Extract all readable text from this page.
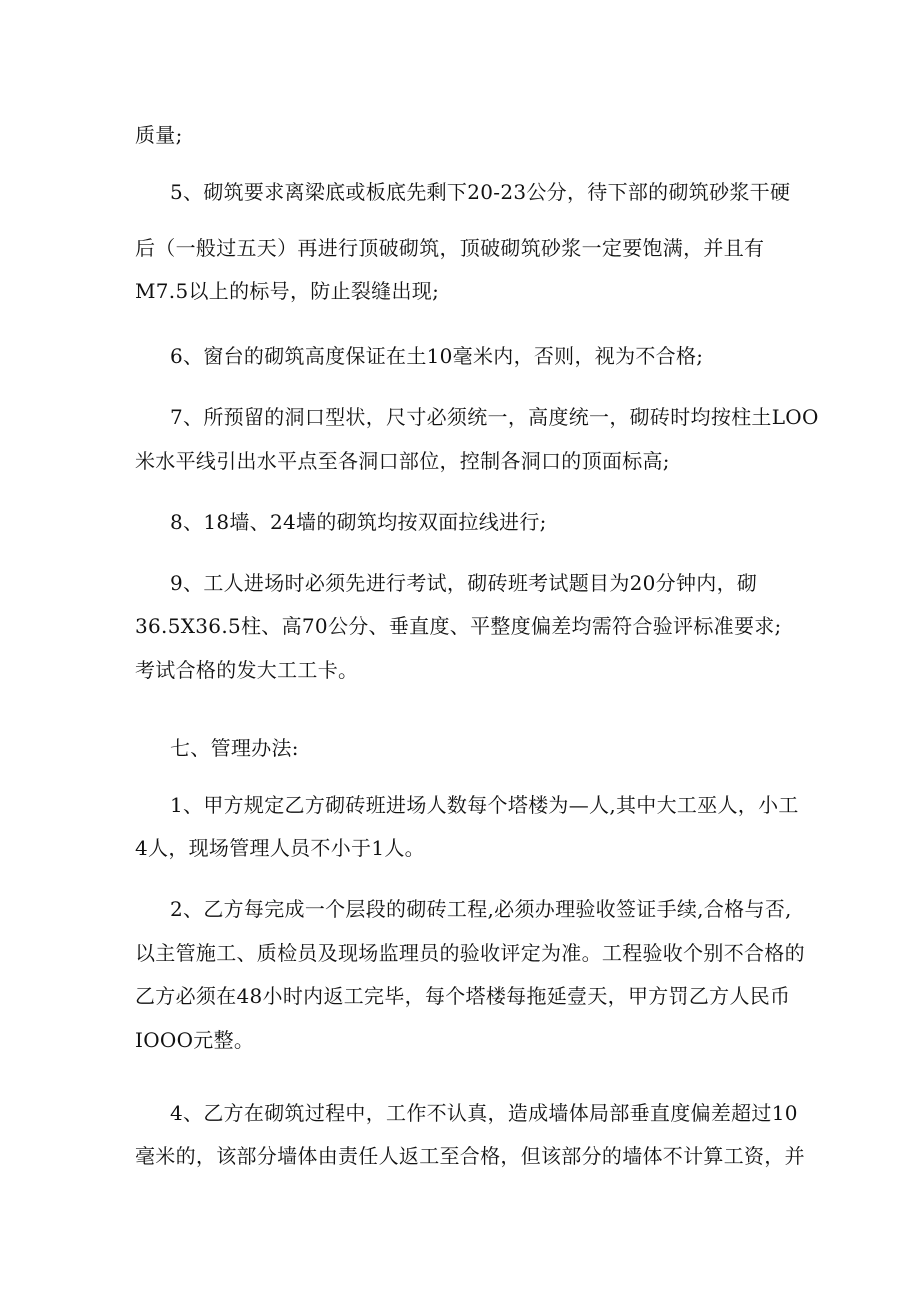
质量;
5、砌筑要求离梁底或板底先剩下20-23公分，待下部的砌筑砂浆干硬
后（一般过五天）再进行顶破砌筑，顶破砌筑砂浆一定要饱满，并且有
M7.5以上的标号，防止裂缝出现;
6、窗台的砌筑高度保证在土10毫米内，否则，视为不合格;
7、所预留的洞口型状，尺寸必须统一，高度统一，砌砖时均按柱土LOO
米水平线引出水平点至各洞口部位，控制各洞口的顶面标高;
8、18墙、24墙的砌筑均按双面拉线进行;
9、工人进场时必须先进行考试，砌砖班考试题目为20分钟内，砌
36.5X36.5柱、高70公分、垂直度、平整度偏差均需符合验评标准要求;
考试合格的发大工工卡。
七、管理办法:
1、甲方规定乙方砌砖班进场人数每个塔楼为—人,其中大工巫人，小工
4人，现场管理人员不小于1人。
2、乙方每完成一个层段的砌砖工程,必须办理验收签证手续,合格与否,
以主管施工、质检员及现场监理员的验收评定为准。工程验收个别不合格的
乙方必须在48小时内返工完毕，每个塔楼每拖延壹天，甲方罚乙方人民币
IOOO元整。
4、乙方在砌筑过程中，工作不认真，造成墙体局部垂直度偏差超过10
毫米的，该部分墙体由责任人返工至合格，但该部分的墙体不计算工资，并
